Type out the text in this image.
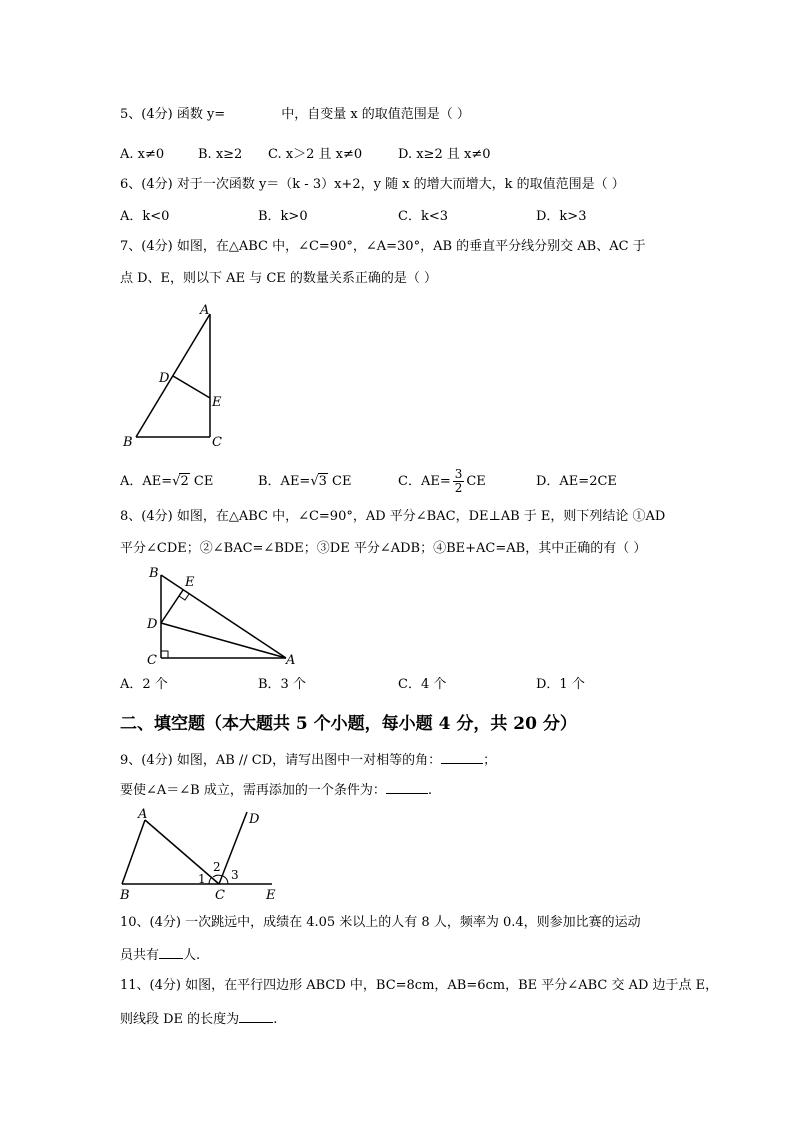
5、(4分) 函数 y=	中，自变量 x 的取值范围是（ ）
A. x≠0	B. x≥2 C. x＞2 且 x≠0	D. x≥2 且 x≠0
6、(4分) 对于一次函数 y＝（k - 3）x+2，y 随 x 的增大而增大，k 的取值范围是（ ）
A．k<0	B．k>0	C．k<3	D．k>3
7、(4分) 如图，在△ABC 中，∠C=90°，∠A=30°，AB 的垂直平分线分别交 AB、AC 于
点 D、E，则以下 AE 与 CE 的数量关系正确的是（ ）
A
B	C
D
E
A．AE=√2 CE	B．AE=√3 CE	C．$AE= \frac{3}{2}$ CE	D．AE=2CE
8、(4分) 如图，在△ABC 中，∠C=90°，AD 平分∠BAC，DE⊥AB 于 E，则下列结论 ①AD
平分∠CDE；②∠BAC=∠BDE；③DE 平分∠ADB；④BE+AC=AB，其中正确的有（ ）
B
E
D
C	A
A．2 个	B．3 个	C．4 个	D．1 个
二、填空题（本大题共 5 个小题，每小题 4 分，共 20 分）
9、(4分) 如图，AB // CD，请写出图中一对相等的角：	；
要使∠A＝∠B 成立，需再添加的一个条件为：	.
A
B	C
D
E
1
2
3
10、(4分) 一次跳远中，成绩在 4.05 米以上的人有 8 人，频率为 0.4，则参加比赛的运动
员共有 人.
11、(4分) 如图，在平行四边形 ABCD 中，BC=8cm，AB=6cm，BE 平分∠ABC 交 AD 边于点 E，
则线段 DE 的长度为	.
